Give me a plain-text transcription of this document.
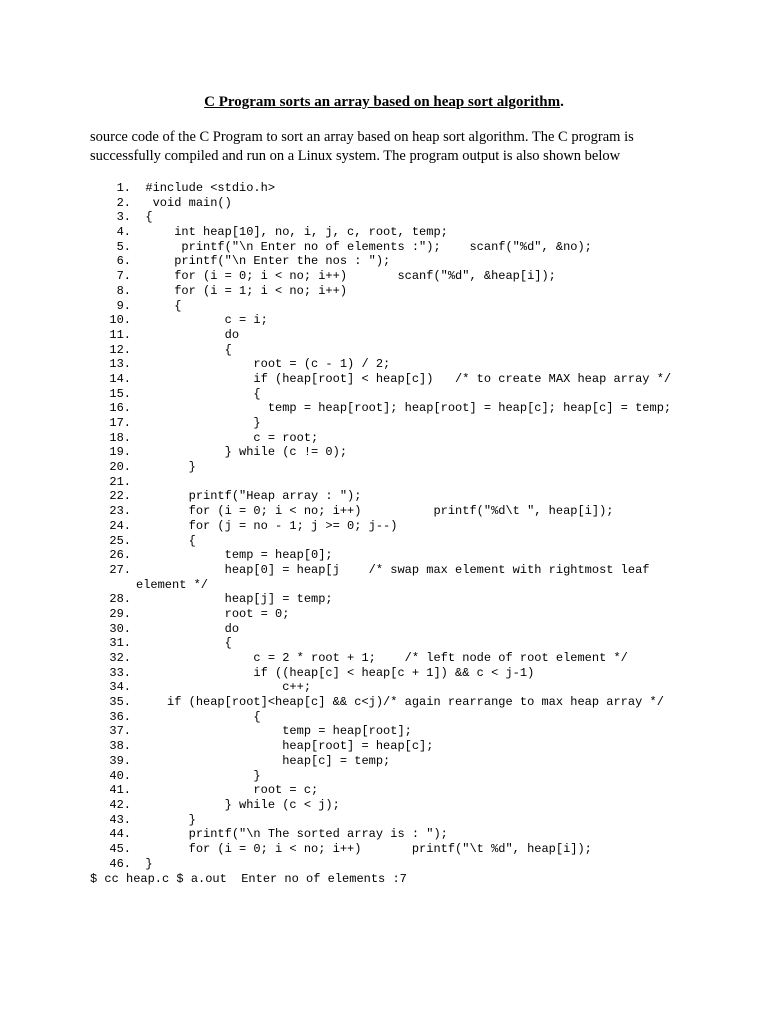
C Program sorts an array based on heap sort algorithm.
source code of the C Program to sort an array based on heap sort algorithm. The C program is
successfully compiled and run on a Linux system. The program output is also shown below
1. #include <stdio.h>
2.   void main()
3. {
4.      int heap[10], no, i, j, c, root, temp;
5.       printf("\n Enter no of elements :");    scanf("%d", &no);
6.      printf("\n Enter the nos : ");
7.      for (i = 0; i < no; i++)       scanf("%d", &heap[i]);
8.      for (i = 1; i < no; i++)
9.      {
10.             c = i;
11.             do
12.             {
13.                 root = (c - 1) / 2;
14.                 if (heap[root] < heap[c])   /* to create MAX heap array */
15.                 {
16.                   temp = heap[root]; heap[root] = heap[c]; heap[c] = temp;
17.                 }
18.                 c = root;
19.             } while (c != 0);
20.        }
21.
22.        printf("Heap array : ");
23.        for (i = 0; i < no; i++)          printf("%d\t ", heap[i]);
24.        for (j = no - 1; j >= 0; j--)
25.        {
26.             temp = heap[0];
27.             heap[0] = heap[j    /* swap max element with rightmost leaf
element */
28.             heap[j] = temp;
29.             root = 0;
30.             do
31.             {
32.                 c = 2 * root + 1;    /* left node of root element */
33.                 if ((heap[c] < heap[c + 1]) && c < j-1)
34.                     c++;
35.     if (heap[root]<heap[c] && c<j)/* again rearrange to max heap array */
36.                 {
37.                     temp = heap[root];
38.                     heap[root] = heap[c];
39.                     heap[c] = temp;
40.                 }
41.                 root = c;
42.             } while (c < j);
43.        }
44.        printf("\n The sorted array is : ");
45.        for (i = 0; i < no; i++)       printf("\t %d", heap[i]);
46. }
$ cc heap.c $ a.out  Enter no of elements :7
